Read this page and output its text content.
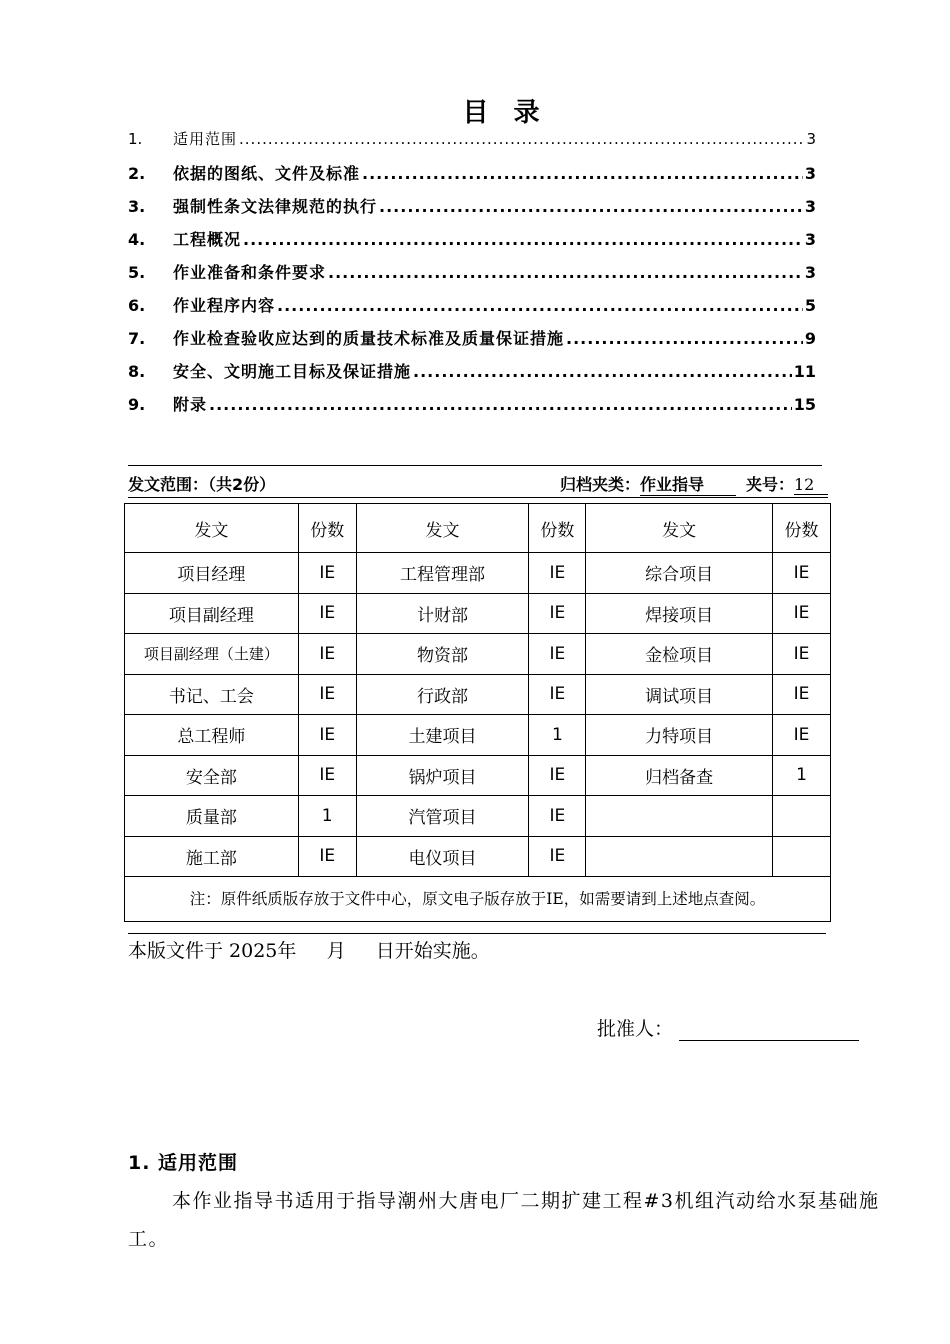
目 录
1.	适用范围 .....	3
2.	依据的图纸、文件及标准 .....	3
3.	强制性条文法律规范的执行 .....	3
4.	工程概况 .....	3
5.	作业准备和条件要求 .....	3
6.	作业程序内容 .....	5
7.	作业检查验收应达到的质量技术标准及质量保证措施 .....	9
8.	安全、文明施工目标及保证措施 .....	11
9.	附录 .....	15
发文范围：（共2份）	归档夹类： 作业指导	夹号： 12
发文	份数	发文	份数	发文	份数
项目经理	IE	工程管理部	IE	综合项目	IE
项目副经理	IE	计财部	IE	焊接项目	IE
项目副经理（土建）	IE	物资部	IE	金检项目	IE
书记、工会	IE	行政部	IE	调试项目	IE
总工程师	IE	土建项目	1	力特项目	IE
安全部	IE	锅炉项目	IE	归档备查	1
质量部	1	汽管项目	IE		
施工部	IE	电仪项目	IE		
注：原件纸质版存放于文件中心，原文电子版存放于IE，如需要请到上述地点查阅。					
本版文件于 2025年     月     日开始实施。
批准人：
1. 适用范围
本作业指导书适用于指导潮州大唐电厂二期扩建工程#3机组汽动给水泵基础施工。
